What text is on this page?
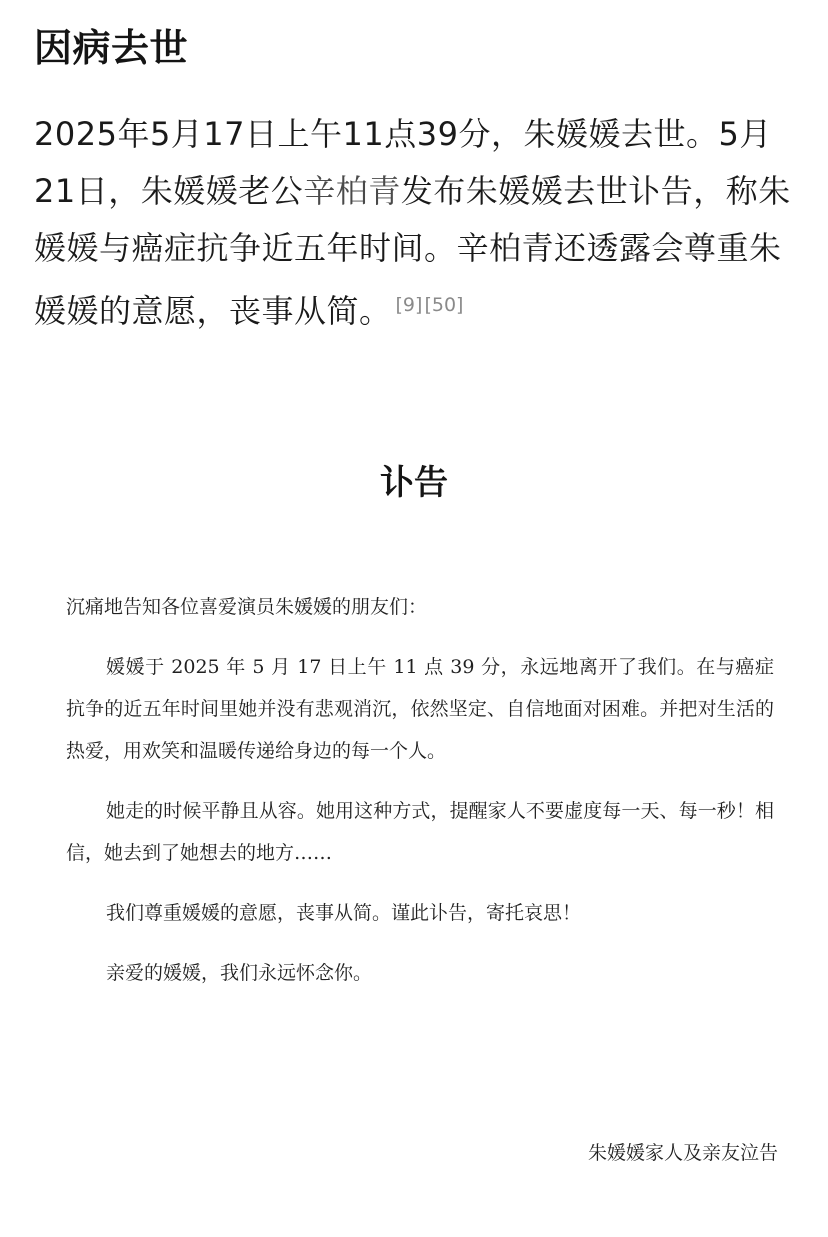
因病去世

2025年5月17日上午11点39分，朱媛媛去世。5月21日，朱媛媛老公辛柏青发布朱媛媛去世讣告，称朱媛媛与癌症抗争近五年时间。辛柏青还透露会尊重朱媛媛的意愿，丧事从简。 [9] [50]

讣告

沉痛地告知各位喜爱演员朱媛媛的朋友们：

媛媛于 2025 年 5 月 17 日上午 11 点 39 分，永远地离开了我们。在与癌症抗争的近五年时间里她并没有悲观消沉，依然坚定、自信地面对困难。并把对生活的热爱，用欢笑和温暖传递给身边的每一个人。

她走的时候平静且从容。她用这种方式，提醒家人不要虚度每一天、每一秒！相信，她去到了她想去的地方……

我们尊重媛媛的意愿，丧事从简。谨此讣告，寄托哀思！

亲爱的媛媛，我们永远怀念你。

朱媛媛家人及亲友泣告
